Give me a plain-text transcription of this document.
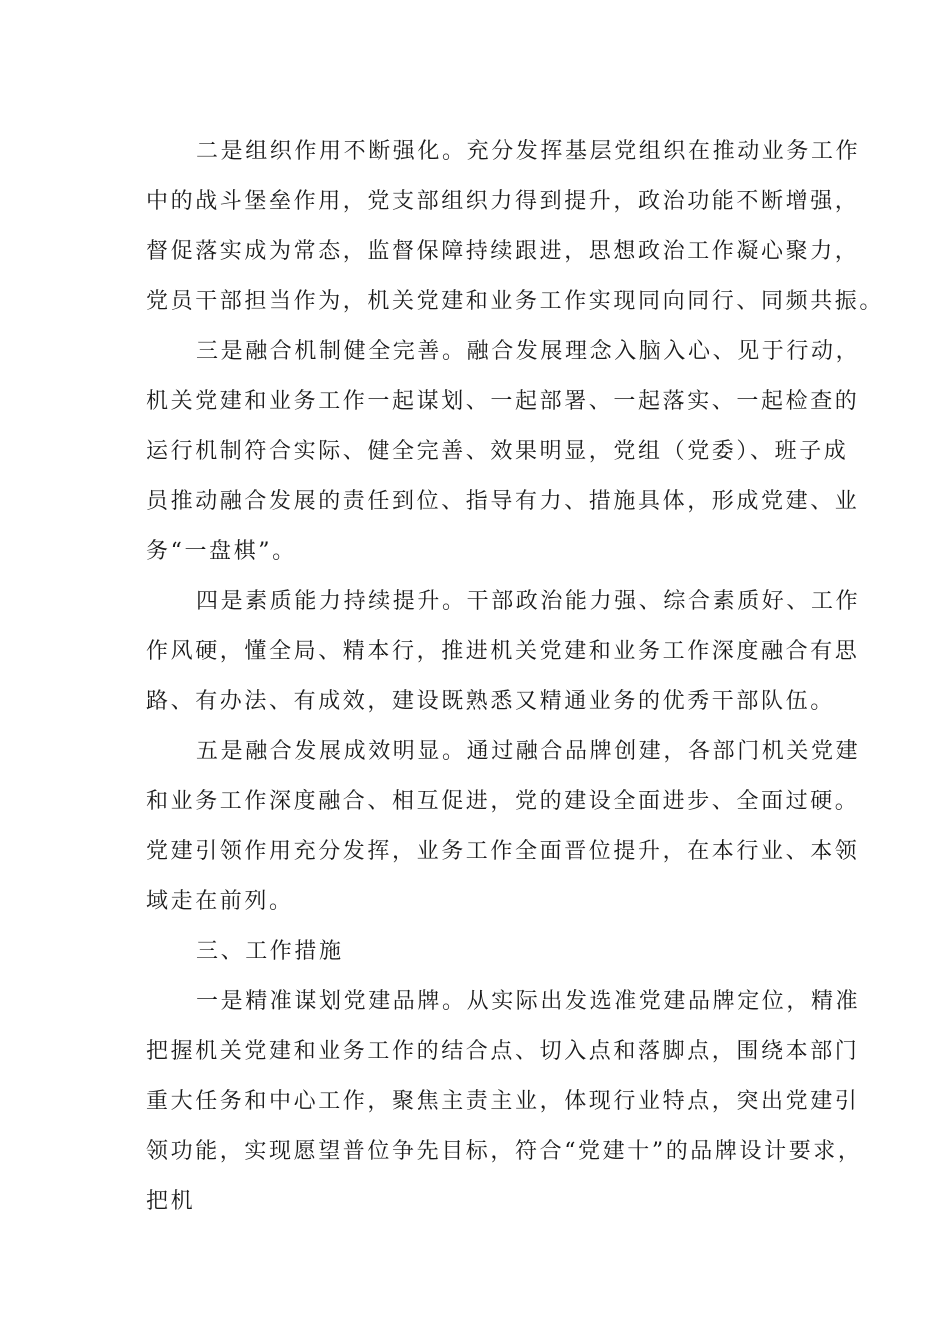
二是组织作用不断强化。充分发挥基层党组织在推动业务工作
中的战斗堡垒作用，党支部组织力得到提升，政治功能不断增强，
督促落实成为常态，监督保障持续跟进，思想政治工作凝心聚力，
党员干部担当作为，机关党建和业务工作实现同向同行、同频共振。
三是融合机制健全完善。融合发展理念入脑入心、见于行动，
机关党建和业务工作一起谋划、一起部署、一起落实、一起检查的
运行机制符合实际、健全完善、效果明显，党组（党委）、班子成
员推动融合发展的责任到位、指导有力、措施具体，形成党建、业
务“一盘棋”。
四是素质能力持续提升。干部政治能力强、综合素质好、工作
作风硬，懂全局、精本行，推进机关党建和业务工作深度融合有思
路、有办法、有成效，建设既熟悉又精通业务的优秀干部队伍。
五是融合发展成效明显。通过融合品牌创建，各部门机关党建
和业务工作深度融合、相互促进，党的建设全面进步、全面过硬。
党建引领作用充分发挥，业务工作全面晋位提升，在本行业、本领
域走在前列。
三、工作措施
一是精准谋划党建品牌。从实际出发选准党建品牌定位，精准
把握机关党建和业务工作的结合点、切入点和落脚点，围绕本部门
重大任务和中心工作，聚焦主责主业，体现行业特点，突出党建引
领功能，实现愿望普位争先目标，符合“党建十”的品牌设计要求，
把机
